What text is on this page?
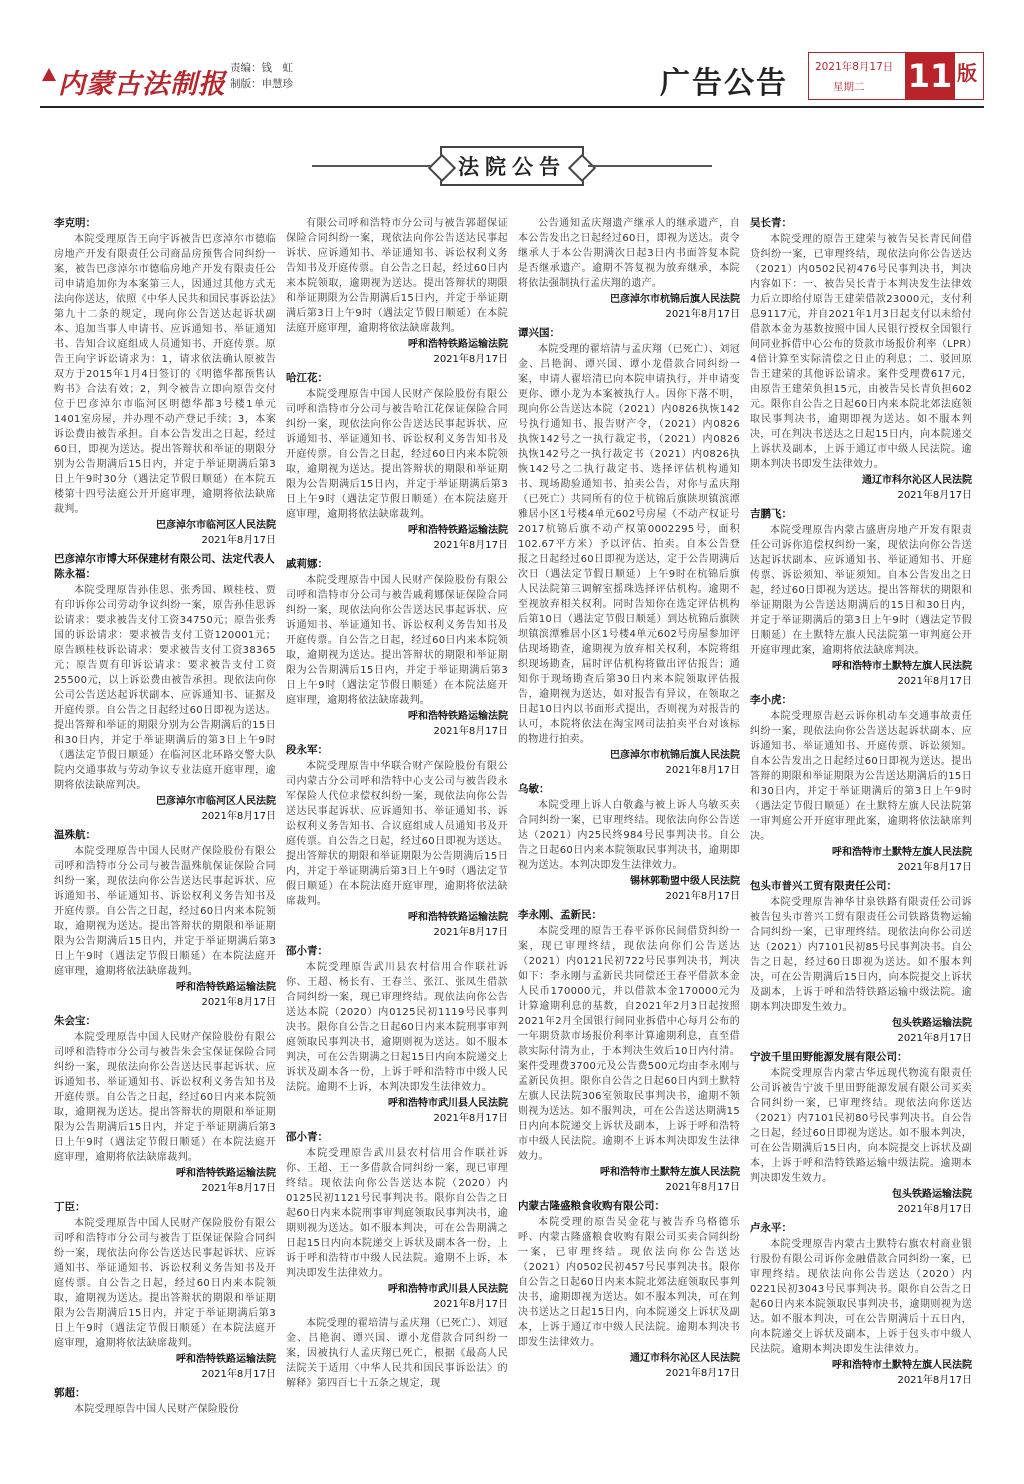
内蒙古法制报
责编：钱　虹
制版：申慧珍	广告公告	2021年8月17日
星期二 11 版
法院公告
李克明：
本院受理原告王向宇诉被告巴彦淖尔市德临房地产开发有限责任公司商品房预售合同纠纷一案，被告巴彦淖尔市德临房地产开发有限责任公司申请追加你为本案第三人，因通过其他方式无法向你送达，依照《中华人民共和国民事诉讼法》第九十二条的规定，现向你公告送达起诉状副本、追加当事人申请书、应诉通知书、举证通知书、告知合议庭组成人员通知书、开庭传票。原告王向宇诉讼请求为：1，请求依法确认原被告双方于2015年1月4日签订的《明德华都预售认购书》合法有效；2，判令被告立即向原告交付位于巴彦淖尔市临河区明德华都3号楼1单元1401室房屋，并办理不动产登记手续；3，本案诉讼费由被告承担。自本公告发出之日起，经过60日，即视为送达。提出答辩状和举证的期限分别为公告期满后15日内，并定于举证期满后第3日上午9时30分（遇法定节假日顺延）在本院五楼第十四号法庭公开开庭审理，逾期将依法缺席裁判。
巴彦淖尔市临河区人民法院
2021年8月17日
巴彦淖尔市博大环保建材有限公司、法定代表人陈永福：
本院受理原告孙佳思、张秀国、顾桂枝、贾有印诉你公司劳动争议纠纷一案，原告孙佳思诉讼请求：要求被告支付工资34750元；原告张秀国的诉讼请求：要求被告支付工资120001元；原告顾桂枝诉讼请求：要求被告支付工资38365元；原告贾有印诉讼请求：要求被告支付工资25500元，以上诉讼费由被告承担。现依法向你公司公告送达起诉状副本、应诉通知书、证据及开庭传票。自公告之日起经过60日即视为送达。提出答辩和举证的期限分别为公告期满后的15日和30日内，并定于举证期满后的第3日上午9时（遇法定节假日顺延）在临河区北环路交警大队院内交通事故与劳动争议专业法庭开庭审理，逾期将依法缺席判决。
巴彦淖尔市临河区人民法院
2021年8月17日
温殊航：
本院受理原告中国人民财产保险股份有限公司呼和浩特市分公司与被告温殊航保证保险合同纠纷一案，现依法向你公告送达民事起诉状、应诉通知书、举证通知书、诉讼权利义务告知书及开庭传票。自公告之日起，经过60日内来本院领取，逾期视为送达。提出答辩状的期限和举证期限为公告期满后15日内，并定于举证期满后第3日上午9时（遇法定节假日顺延）在本院法庭开庭审理，逾期将依法缺席裁判。
呼和浩特铁路运输法院
2021年8月17日
朱会宝：
本院受理原告中国人民财产保险股份有限公司呼和浩特市分公司与被告朱会宝保证保险合同纠纷一案，现依法向你公告送达民事起诉状、应诉通知书、举证通知书、诉讼权利义务告知书及开庭传票。自公告之日起，经过60日内来本院领取，逾期视为送达。提出答辩状的期限和举证期限为公告期满后15日内，并定于举证期满后第3日上午9时（遇法定节假日顺延）在本院法庭开庭审理，逾期将依法缺席裁判。
呼和浩特铁路运输法院
2021年8月17日
丁臣：
本院受理原告中国人民财产保险股份有限公司呼和浩特市分公司与被告丁臣保证保险合同纠纷一案，现依法向你公告送达民事起诉状、应诉通知书、举证通知书、诉讼权利义务告知书及开庭传票。自公告之日起，经过60日内来本院领取，逾期视为送达。提出答辩状的期限和举证期限为公告期满后15日内，并定于举证期满后第3日上午9时（遇法定节假日顺延）在本院法庭开庭审理，逾期将依法缺席裁判。
呼和浩特铁路运输法院
2021年8月17日
郭超：
本院受理原告中国人民财产保险股份
有限公司呼和浩特市分公司与被告郭超保证保险合同纠纷一案，现依法向你公告送达民事起诉状、应诉通知书、举证通知书、诉讼权利义务告知书及开庭传票。自公告之日起，经过60日内来本院领取，逾期视为送达。提出答辩状的期限和举证期限为公告期满后15日内，并定于举证期满后第3日上午9时（遇法定节假日顺延）在本院法庭开庭审理，逾期将依法缺席裁判。
呼和浩特铁路运输法院
2021年8月17日
哈江花：
本院受理原告中国人民财产保险股份有限公司呼和浩特市分公司与被告哈江花保证保险合同纠纷一案，现依法向你公告送达民事起诉状、应诉通知书、举证通知书、诉讼权利义务告知书及开庭传票。自公告之日起，经过60日内来本院领取，逾期视为送达。提出答辩状的期限和举证期限为公告期满后15日内，并定于举证期满后第3日上午9时（遇法定节假日顺延）在本院法庭开庭审理，逾期将依法缺席裁判。
呼和浩特铁路运输法院
2021年8月17日
戚莉娜：
本院受理原告中国人民财产保险股份有限公司呼和浩特市分公司与被告戚莉娜保证保险合同纠纷一案，现依法向你公告送达民事起诉状、应诉通知书、举证通知书、诉讼权利义务告知书及开庭传票。自公告之日起，经过60日内来本院领取，逾期视为送达。提出答辩状的期限和举证期限为公告期满后15日内，并定于举证期满后第3日上午9时（遇法定节假日顺延）在本院法庭开庭审理，逾期将依法缺席裁判。
呼和浩特铁路运输法院
2021年8月17日
段永军：
本院受理原告中华联合财产保险股份有限公司内蒙古分公司呼和浩特中心支公司与被告段永军保险人代位求偿权纠纷一案，现依法向你公告送达民事起诉状、应诉通知书、举证通知书、诉讼权利义务告知书、合议庭组成人员通知书及开庭传票。自公告之日起，经过60日即视为送达。提出答辩状的期限和举证期限为公告期满后15日内，并定于举证期满后第3日上午9时（遇法定节假日顺延）在本院法庭开庭审理，逾期将依法缺席裁判。
呼和浩特铁路运输法院
2021年8月17日
邵小青：
本院受理原告武川县农村信用合作联社诉你、王超、杨长有、王春兰、张江、张凤生借款合同纠纷一案，现已审理终结。现依法向你公告送达本院（2020）内0125民初1119号民事判决书。限你自公告之日起60日内来本院刑事审判庭领取民事判决书，逾期则视为送达。如不服本判决，可在公告期满之日起15日内向本院递交上诉状及副本各一份，上诉于呼和浩特市中级人民法院。逾期不上诉，本判决即发生法律效力。
呼和浩特市武川县人民法院
2021年8月17日
邵小青：
本院受理原告武川县农村信用合作联社诉你、王超、王一多借款合同纠纷一案，现已审理终结。现依法向你公告送达本院（2020）内0125民初1121号民事判决书。限你自公告之日起60日内来本院刑事审判庭领取民事判决书，逾期则视为送达。如不服本判决，可在公告期满之日起15日内向本院递交上诉状及副本各一份，上诉于呼和浩特市中级人民法院。逾期不上诉，本判决即发生法律效力。
呼和浩特市武川县人民法院
2021年8月17日
本院受理的翟培清与孟庆翔（已死亡）、刘冠金、吕艳润、谭兴国、谭小龙借款合同纠纷一案，因被执行人孟庆翔已死亡，根据《最高人民法院关于适用〈中华人民共和国民事诉讼法〉的解释》第四百七十五条之规定，现
公告通知孟庆翔遗产继承人的继承遗产，自本公告发出之日起经过60日，即视为送达。责令继承人于本公告期满次日起3日内书面答复本院是否继承遗产。逾期不答复视为放弃继承，本院将依法强制执行孟庆翔的遗产。
巴彦淖尔市杭锦后旗人民法院
2021年8月17日
谭兴国：
本院受理的翟培清与孟庆翔（已死亡）、刘冠金、吕艳润、谭兴国、谭小龙借款合同纠纷一案，申请人翟培清已向本院申请执行，并申请变更你、谭小龙为本案被执行人。因你下落不明，现向你公告送达本院（2021）内0826执恢142号执行通知书、报告财产令，（2021）内0826执恢142号之一执行裁定书，（2021）内0826执恢142号之一执行裁定书（2021）内0826执恢142号之二执行裁定书、选择评估机构通知书、现场勘验通知书、拍卖公告，对你与孟庆翔（已死亡）共同所有的位于杭锦后旗陕坝镇滨潭雅居小区1号楼4单元602号房屋（不动产权证号2017杭锦后旗不动产权第0002295号，面积102.67平方米）予以评估、拍卖。自本公告登报之日起经过60日即视为送达，定于公告期满后次日（遇法定节假日顺延）上午9时在杭锦后旗人民法院第三调解室摇珠选择评估机构。逾期不至视放弃相关权利。同时告知你在选定评估机构后第10日（遇法定节假日顺延）到达杭锦后旗陕坝镇滨潭雅居小区1号楼4单元602号房屋参加评估现场勘查，逾期视为放弃相关权利，本院将组织现场勘查，届时评估机构将做出评估报告；通知你于现场勘查后第30日内来本院领取评估报告，逾期视为送达，如对报告有异议，在领取之日起10日内以书面形式提出，否则视为对报告的认可，本院将依法在淘宝网司法拍卖平台对该标的物进行拍卖。
巴彦淖尔市杭锦后旗人民法院
2021年8月17日
乌敏：
本院受理上诉人白敬鑫与被上诉人乌敏买卖合同纠纷一案，已审理终结。现依法向你公告送达（2021）内25民终984号民事判决书。自公告之日起60日内来本院领取民事判决书，逾期即视为送达。本判决即发生法律效力。
锡林郭勒盟中级人民法院
2021年8月17日
李永刚、孟新民：
本院受理的原告王春平诉你民间借贷纠纷一案，现已审理终结，现依法向你们公告送达（2021）内0121民初722号民事判决书，判决如下：李永刚与孟新民共同偿还王春平借款本金人民币170000元，并以借款本金170000元为计算逾期利息的基数，自2021年2月3日起按照2021年2月全国银行间同业拆借中心每月公布的一年期贷款市场报价利率计算逾期利息，直至借款实际付清为止，于本判决生效后10日内付清。案件受理费3700元及公告费500元均由李永刚与孟新民负担。限你自公告之日起60日内到土默特左旗人民法院306室领取民事判决书，逾期不领则视为送达。如不服判决，可在公告送达期满15日内向本院递交上诉状及副本，上诉于呼和浩特市中级人民法院。逾期不上诉本判决即发生法律效力。
呼和浩特市土默特左旗人民法院
2021年8月17日
内蒙古隆盛粮食收购有限公司：
本院受理的原告吴金花与被告乔乌格德乐呼、内蒙古隆盛粮食收购有限公司买卖合同纠纷一案，已审理终结。现依法向你公告送达（2021）内0502民初457号民事判决书。限你自公告之日起60日内来本院北郊法庭领取民事判决书，逾期即视为送达。如不服本判决，可在判决书送达之日起15日内，向本院递交上诉状及副本，上诉于通辽市中级人民法院。逾期本判决书即发生法律效力。
通辽市科尔沁区人民法院
2021年8月17日
吴长青：
本院受理的原告王建荣与被告吴长青民间借贷纠纷一案，已审理终结，现依法向你公告送达（2021）内0502民初476号民事判决书，判决内容如下：一、被告吴长青于本判决发生法律效力后立即给付原告王建荣借款23000元，支付利息9117元，并自2021年1月3日起支付以未给付借款本金为基数按照中国人民银行授权全国银行间同业拆借中心公布的贷款市场报价利率（LPR）4倍计算至实际清偿之日止的利息；二、驳回原告王建荣的其他诉讼请求。案件受理费617元，由原告王建荣负担15元，由被告吴长青负担602元。限你自公告之日起60日内来本院北郊法庭领取民事判决书，逾期即视为送达。如不服本判决，可在判决书送达之日起15日内，向本院递交上诉状及副本，上诉于通辽市中级人民法院。逾期本判决书即发生法律效力。
通辽市科尔沁区人民法院
2021年8月17日
吉鹏飞：
本院受理原告内蒙古盛唐房地产开发有限责任公司诉你追偿权纠纷一案，现依法向你公告送达起诉状副本、应诉通知书、举证通知书、开庭传票、诉讼须知、举证须知。自本公告发出之日起，经过60日即视为送达。提出答辩状的期限和举证期限为公告送达期满后的15日和30日内，并定于举证期满后的第3日上午9时（遇法定节假日顺延）在土默特左旗人民法院第一审判庭公开开庭审理此案，逾期将依法缺席判决。
呼和浩特市土默特左旗人民法院
2021年8月17日
李小虎：
本院受理原告赵云诉你机动车交通事故责任纠纷一案，现依法向你公告送达起诉状副本、应诉通知书、举证通知书、开庭传票、诉讼须知。自本公告发出之日起经过60日即视为送达。提出答辩的期限和举证期限为公告送达期满后的15日和30日内，并定于举证期满后的第3日上午9时（遇法定节假日顺延）在土默特左旗人民法院第一审判庭公开开庭审理此案，逾期将依法缺席判决。
呼和浩特市土默特左旗人民法院
2021年8月17日
包头市普兴工贸有限责任公司：
本院受理原告神华甘泉铁路有限责任公司诉被告包头市普兴工贸有限责任公司铁路货物运输合同纠纷一案，已审理终结。现依法向你公司送达（2021）内7101民初85号民事判决书。自公告之日起，经过60日即视为送达。如不服本判决，可在公告期满后15日内，向本院提交上诉状及副本，上诉于呼和浩特铁路运输中级法院。逾期本判决即发生效力。
包头铁路运输法院
2021年8月17日
宁波千里田野能源发展有限公司：
本院受理原告内蒙古华远现代物流有限责任公司诉被告宁波千里田野能源发展有限公司买卖合同纠纷一案，已审理终结。现依法向你送达（2021）内7101民初80号民事判决书。自公告之日起，经过60日即视为送达。如不服本判决，可在公告期满后15日内，向本院提交上诉状及副本，上诉于呼和浩特铁路运输中级法院。逾期本判决即发生效力。
包头铁路运输法院
2021年8月17日
卢永平：
本院受理原告内蒙古土默特右旗农村商业银行股份有限公司诉你金融借款合同纠纷一案，已审理终结。现依法向你公告送达（2020）内0221民初3043号民事判决书。限你自公告之日起60日内来本院领取民事判决书，逾期则视为送达。如不服本判决，可在公告期满后十五日内，向本院递交上诉状及副本，上诉于包头市中级人民法院。逾期本判决即发生法律效力。
呼和浩特市土默特左旗人民法院
2021年8月17日
